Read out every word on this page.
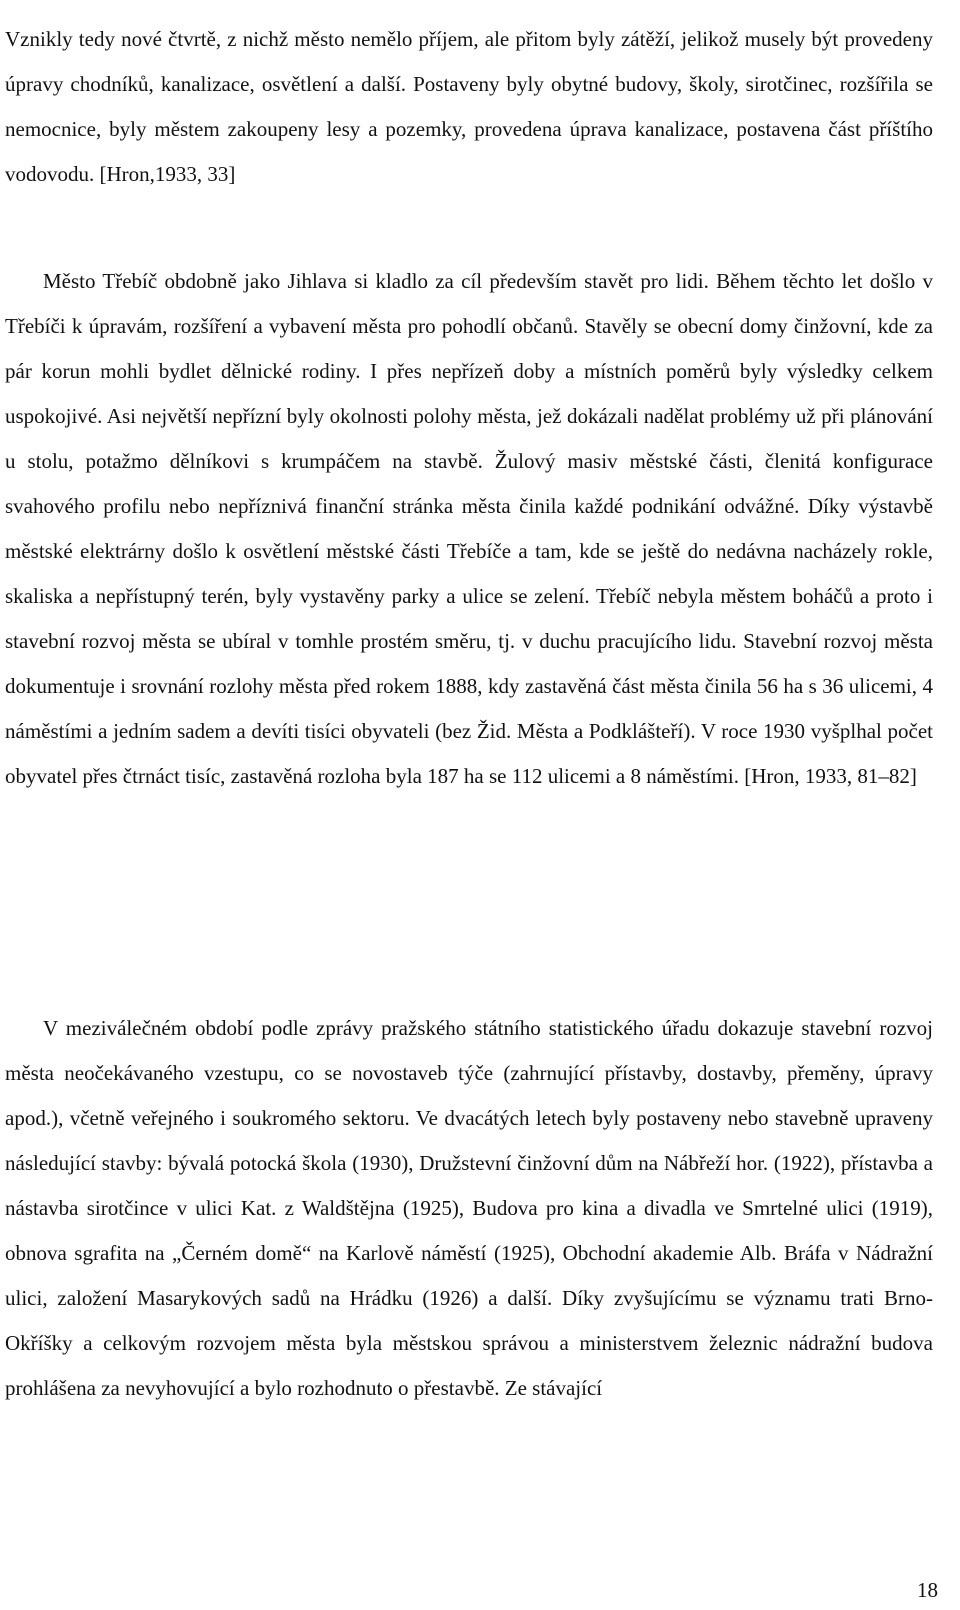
Vznikly tedy nové čtvrtě, z nichž město nemělo příjem, ale přitom byly zátěží, jelikož musely být provedeny úpravy chodníků, kanalizace, osvětlení a další. Postaveny byly obytné budovy, školy, sirotčinec, rozšířila se nemocnice, byly městem zakoupeny lesy a pozemky, provedena úprava kanalizace, postavena část příštího vodovodu. [Hron,1933, 33]

Město Třebíč obdobně jako Jihlava si kladlo za cíl především stavět pro lidi. Během těchto let došlo v Třebíči k úpravám, rozšíření a vybavení města pro pohodlí občanů. Stavěly se obecní domy činžovní, kde za pár korun mohli bydlet dělnické rodiny. I přes nepřízeň doby a místních poměrů byly výsledky celkem uspokojivé. Asi největší nepřízní byly okolnosti polohy města, jež dokázali nadělat problémy už při plánování u stolu, potažmo dělníkovi s krumpáčem na stavbě. Žulový masiv městské části, členitá konfigurace svahového profilu nebo nepříznivá finanční stránka města činila každé podnikání odvážné. Díky výstavbě městské elektrárny došlo k osvětlení městské části Třebíče a tam, kde se ještě do nedávna nacházely rokle, skaliska a nepřístupný terén, byly vystavěny parky a ulice se zelení. Třebíč nebyla městem boháčů a proto i stavební rozvoj města se ubíral v tomhle prostém směru, tj. v duchu pracujícího lidu. Stavební rozvoj města dokumentuje i srovnání rozlohy města před rokem 1888, kdy zastavěná část města činila 56 ha s 36 ulicemi, 4 náměstími a jedním sadem a devíti tisíci obyvateli (bez Žid. Města a Podklášteří). V roce 1930 vyšplhal počet obyvatel přes čtrnáct tisíc, zastavěná rozloha byla 187 ha se 112 ulicemi a 8 náměstími. [Hron, 1933, 81–82]

V meziválečném období podle zprávy pražského státního statistického úřadu dokazuje stavební rozvoj města neočekávaného vzestupu, co se novostaveb týče (zahrnující přístavby, dostavby, přeměny, úpravy apod.), včetně veřejného i soukromého sektoru. Ve dvacátých letech byly postaveny nebo stavebně upraveny následující stavby: bývalá potocká škola (1930), Družstevní činžovní dům na Nábřeží hor. (1922), přístavba a nástavba sirotčince v ulici Kat. z Waldštějna (1925), Budova pro kina a divadla ve Smrtelné ulici (1919), obnova sgrafita na „Černém domě“ na Karlově náměstí (1925), Obchodní akademie Alb. Bráfa v Nádražní ulici, založení Masarykových sadů na Hrádku (1926) a další. Díky zvyšujícímu se významu trati Brno-Okříšky a celkovým rozvojem města byla městskou správou a ministerstvem železnic nádražní budova prohlášena za nevyhovující a bylo rozhodnuto o přestavbě. Ze stávající

18
